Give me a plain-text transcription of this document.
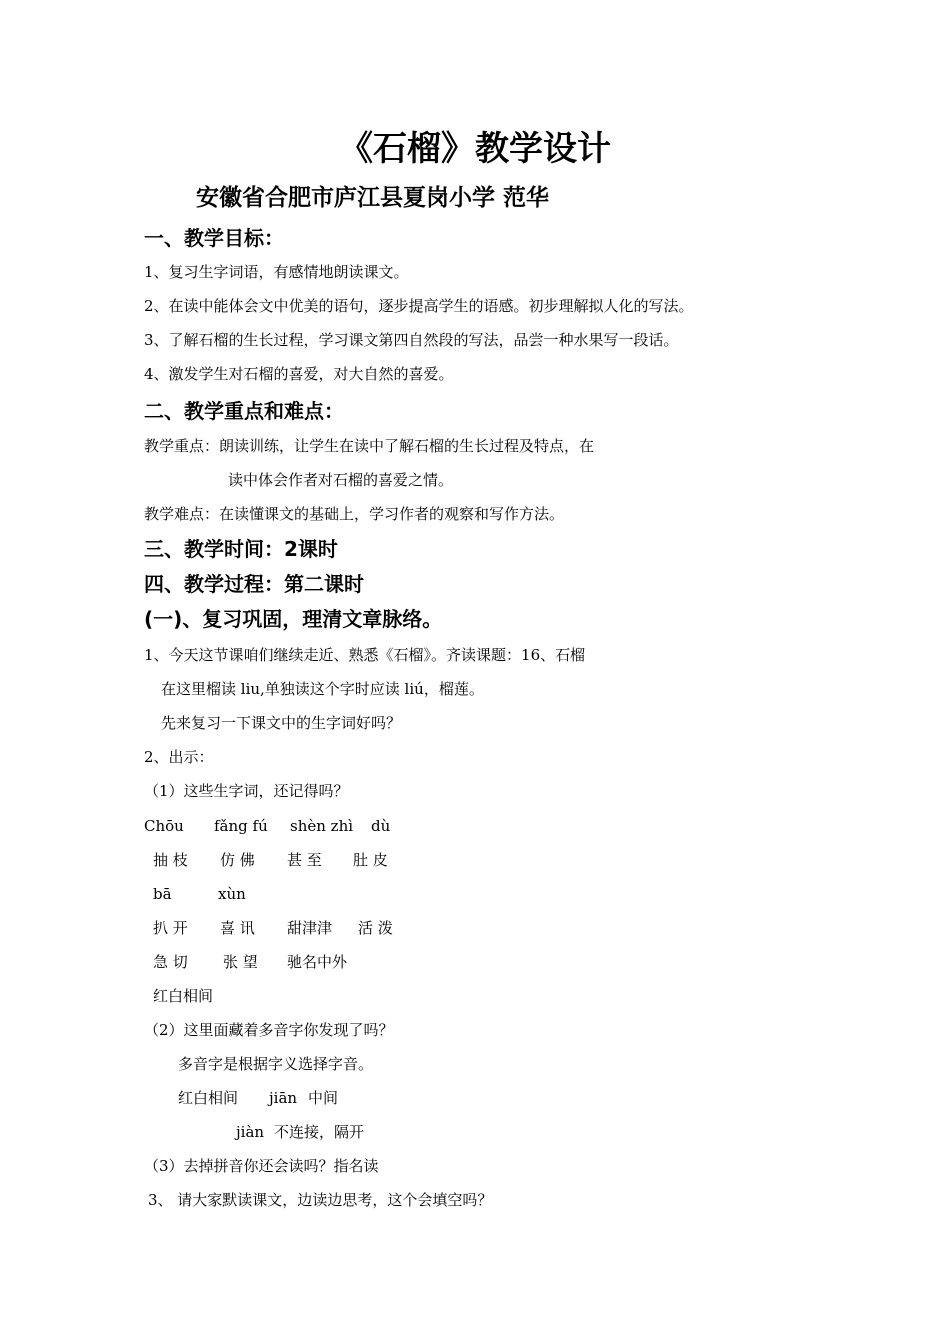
《石榴》教学设计
安徽省合肥市庐江县夏岗小学 范华
一、教学目标：
1、复习生字词语，有感情地朗读课文。
2、在读中能体会文中优美的语句，逐步提高学生的语感。初步理解拟人化的写法。
3、了解石榴的生长过程，学习课文第四自然段的写法，品尝一种水果写一段话。
4、激发学生对石榴的喜爱，对大自然的喜爱。
二、教学重点和难点：
教学重点：朗读训练，让学生在读中了解石榴的生长过程及特点，在
读中体会作者对石榴的喜爱之情。
教学难点：在读懂课文的基础上，学习作者的观察和写作方法。
三、教学时间：2课时
四、教学过程：第二课时
(一)、复习巩固，理清文章脉络。
1、今天这节课咱们继续走近、熟悉《石榴》。齐读课题：16、石榴
在这里榴读 liu,单独读这个字时应读 liú，榴莲。
先来复习一下课文中的生字词好吗？
2、出示：
（1）这些生字词，还记得吗？
Chōu fǎng fú shèn zhì dù
抽 枝 仿 佛 甚 至 肚 皮
bā	xùn
扒 开 喜 讯 甜津津 活 泼
急 切 张 望 驰名中外
红白相间
（2）这里面藏着多音字你发现了吗？
多音字是根据字义选择字音。
红白相间 jiān 中间
jiàn 不连接，隔开
（3）去掉拼音你还会读吗？指名读
3、 请大家默读课文，边读边思考，这个会填空吗？
